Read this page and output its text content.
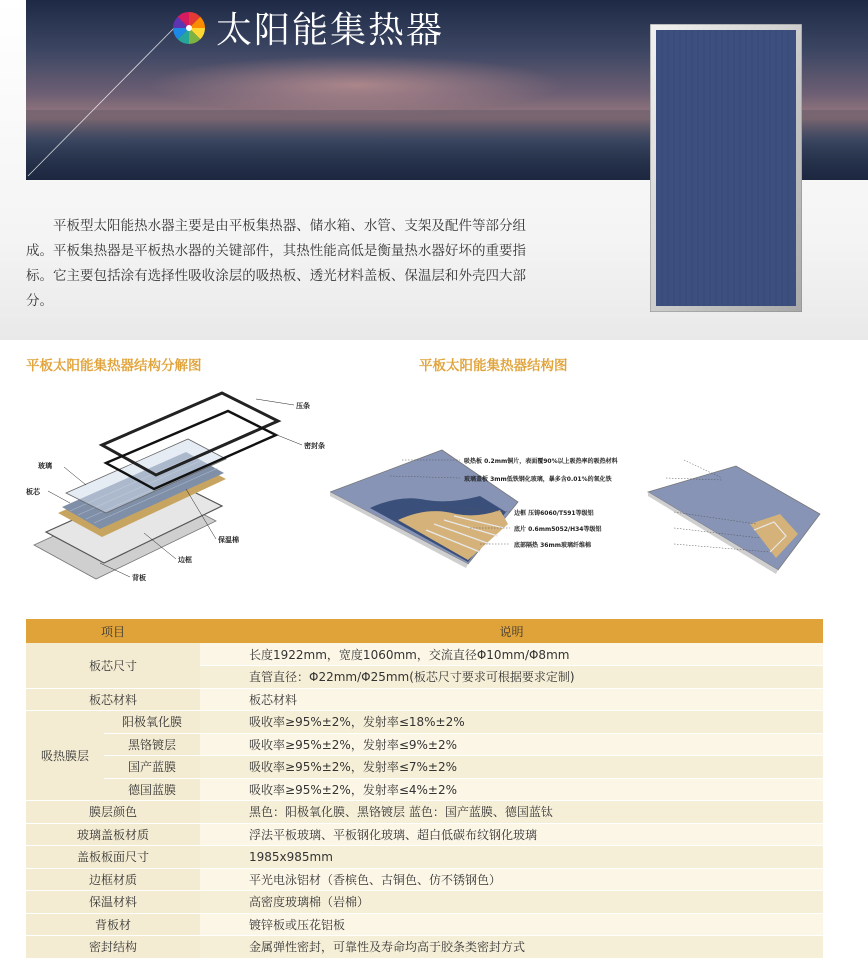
太阳能集热器

平板型太阳能热水器主要是由平板集热器、储水箱、水管、支架及配件等部分组成。平板集热器是平板热水器的关键部件，其热性能高低是衡量热水器好坏的重要指标。它主要包括涂有选择性吸收涂层的吸热板、透光材料盖板、保温层和外壳四大部分。

平板太阳能集热器结构分解图	平板太阳能集热器结构图
压条
密封条
玻璃
板芯
保温棉
边框
背板
吸热板 0.2mm铜片，表面覆90%以上吸热率的吸热材料
玻璃盖板 3mm低铁钢化玻璃，暴多含0.01%的氧化铁
边框 压铸6060/T591等级铝
底片 0.6mm5052/H34等级铝
底部隔热 36mm玻璃纤维棉
项目		说明
板芯尺寸		长度1922mm，宽度1060mm，交流直径Φ10mm/Φ8mm
		直管直径：Φ22mm/Φ25mm(板芯尺寸要求可根据要求定制)
板芯材料		板芯材料
吸热膜层	阳极氧化膜	吸收率≥95%±2%，发射率≤18%±2%
	黑铬镀层	吸收率≥95%±2%，发射率≤9%±2%
	国产蓝膜	吸收率≥95%±2%，发射率≤7%±2%
	德国蓝膜	吸收率≥95%±2%，发射率≤4%±2%
膜层颜色		黑色：阳极氧化膜、黑铬镀层 蓝色：国产蓝膜、德国蓝钛
玻璃盖板材质		浮法平板玻璃、平板钢化玻璃、超白低碳布纹钢化玻璃
盖板板面尺寸		1985x985mm
边框材质		平光电泳铝材（香槟色、古铜色、仿不锈钢色）
保温材料		高密度玻璃棉（岩棉）
背板材		镀锌板或压花铝板
密封结构		金属弹性密封，可靠性及寿命均高于胶条类密封方式
